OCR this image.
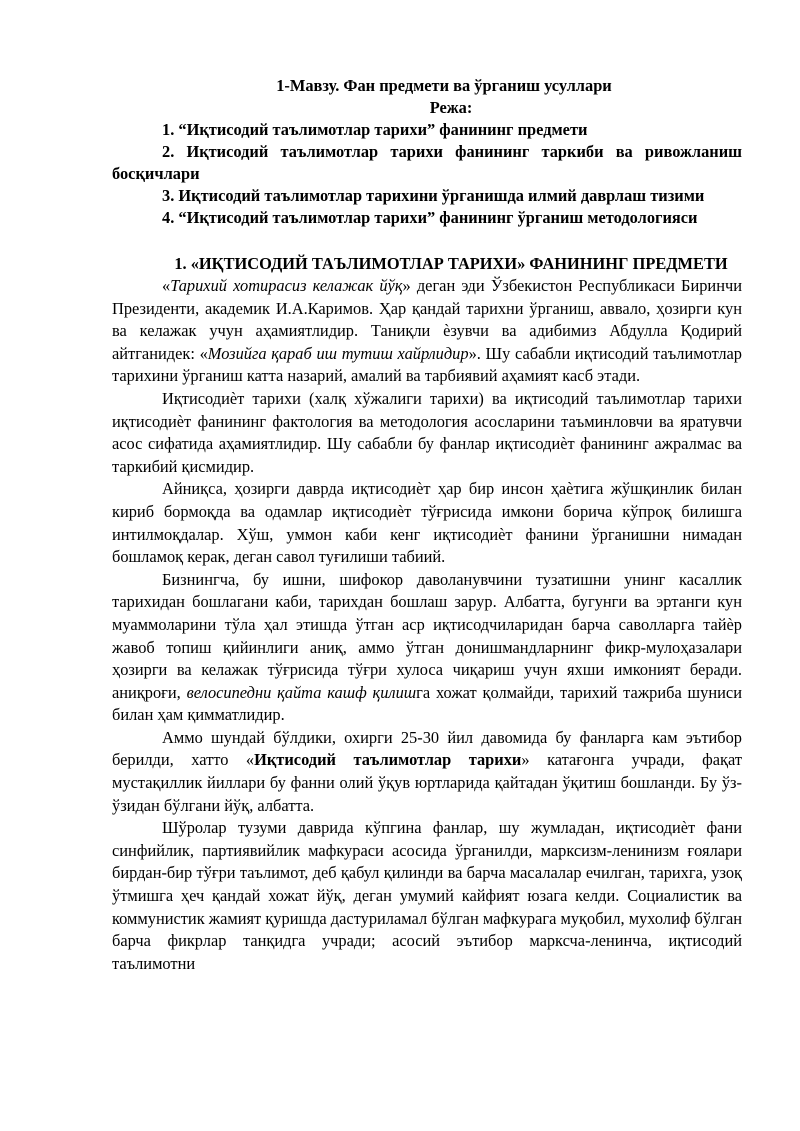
1-Мавзу. Фан предмети ва ўрганиш усуллари
Режа:
1. “Иқтисодий таълимотлар тарихи” фанининг предмети
2. Иқтисодий таълимотлар тарихи фанининг таркиби ва ривожланиш босқичлари
3. Иқтисодий таълимотлар тарихини ўрганишда илмий даврлаш тизими
4. “Иқтисодий таълимотлар тарихи” фанининг ўрганиш методологияси
1. «ИҚТИСОДИЙ ТАЪЛИМОТЛАР ТАРИХИ» ФАНИНИНГ ПРЕДМЕТИ

«Тарихий хотирасиз келажак йўқ» деган эди Ўзбекистон Республикаси Биринчи Президенти, академик И.А.Каримов. Ҳар қандай тарихни ўрганиш, аввало, ҳозирги кун ва келажак учун аҳамиятлидир. Таниқли ѐзувчи ва адибимиз Абдулла Қодирий айтганидек: «Мозийга қараб иш тутиш хайрлидир». Шу сабабли иқтисодий таълимотлар тарихини ўрганиш катта назарий, амалий ва тарбиявий аҳамият касб этади.

Иқтисодиѐт тарихи (халқ хўжалиги тарихи) ва иқтисодий таълимотлар тарихи иқтисодиѐт фанининг фактология ва методология асосларини таъминловчи ва яратувчи асос сифатида аҳамиятлидир. Шу сабабли бу фанлар иқтисодиѐт фанининг ажралмас ва таркибий қисмидир.

Айниқса, ҳозирги даврда иқтисодиѐт ҳар бир инсон ҳаѐтига жўшқинлик билан кириб бормоқда ва одамлар иқтисодиѐт тўғрисида имкони борича кўпроқ билишга интилмоқдалар. Хўш, уммон каби кенг иқтисодиѐт фанини ўрганишни нимадан бошламоқ керак, деган савол туғилиши табиий.

Бизнингча, бу ишни, шифокор даволанувчини тузатишни унинг касаллик тарихидан бошлагани каби, тарихдан бошлаш зарур. Албатта, бугунги ва эртанги кун муаммоларини тўла ҳал этишда ўтган аср иқтисодчиларидан барча саволларга тайѐр жавоб топиш қийинлиги аниқ, аммо ўтган донишмандларнинг фикр-мулоҳазалари ҳозирги ва келажак тўғрисида тўғри хулоса чиқариш учун яхши имконият беради. аниқроғи, велосипедни қайта кашф қилишга хожат қолмайди, тарихий тажриба шуниси билан ҳам қимматлидир.

Аммо шундай бўлдики, охирги 25-30 йил давомида бу фанларга кам эътибор берилди, хатто «Иқтисодий таълимотлар тарихи» катағонга учради, фақат мустақиллик йиллари бу фанни олий ўқув юртларида қайтадан ўқитиш бошланди. Бу ўз-ўзидан бўлгани йўқ, албатта.

Шўролар тузуми даврида кўпгина фанлар, шу жумладан, иқтисодиѐт фани синфийлик, партиявийлик мафкураси асосида ўрганилди, марксизм-ленинизм ғоялари бирдан-бир тўғри таълимот, деб қабул қилинди ва барча масалалар ечилган, тарихга, узоқ ўтмишга ҳеч қандай хожат йўқ, деган умумий кайфият юзага келди. Социалистик ва коммунистик жамият қуришда дастуриламал бўлган мафкурага муқобил, мухолиф бўлган барча фикрлар танқидга учради; асосий эътибор марксча-ленинча, иқтисодий таълимотни
